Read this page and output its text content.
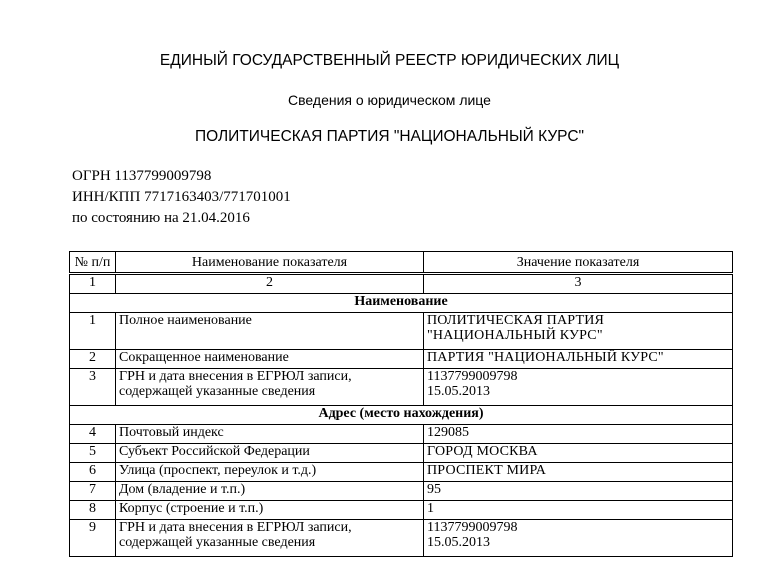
ЕДИНЫЙ ГОСУДАРСТВЕННЫЙ РЕЕСТР ЮРИДИЧЕСКИХ ЛИЦ
Сведения о юридическом лице
ПОЛИТИЧЕСКАЯ ПАРТИЯ "НАЦИОНАЛЬНЫЙ КУРС"
ОГРН 1137799009798
ИНН/КПП 7717163403/771701001
по состоянию на 21.04.2016
№ п/п	Наименование показателя	Значение показателя
1	2	3
Наименование		
1	Полное наименование	ПОЛИТИЧЕСКАЯ ПАРТИЯ "НАЦИОНАЛЬНЫЙ КУРС"
2	Сокращенное наименование	ПАРТИЯ "НАЦИОНАЛЬНЫЙ КУРС"
3	ГРН и дата внесения в ЕГРЮЛ записи, содержащей указанные сведения	1137799009798
15.05.2013

Адрес (место нахождения)		
4	Почтовый индекс	129085
5	Субъект Российской Федерации	ГОРОД МОСКВА
6	Улица (проспект, переулок и т.д.)	ПРОСПЕКТ МИРА
7	Дом (владение и т.п.)	95
8	Корпус (строение и т.п.)	1
9	ГРН и дата внесения в ЕГРЮЛ записи, содержащей указанные сведения	1137799009798
15.05.2013
